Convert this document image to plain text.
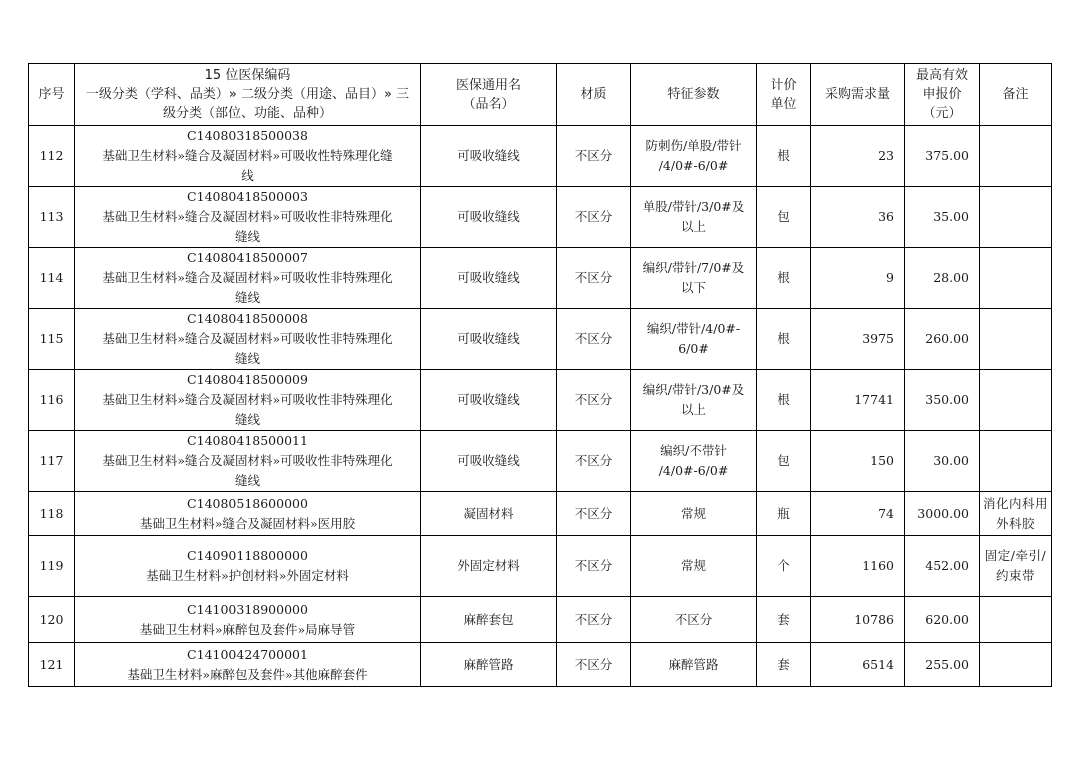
序号	15 位医保编码
一级分类（学科、品类）» 二级分类（用途、品目）» 三
级分类（部位、功能、品种）	医保通用名
（品名）	材质	特征参数	计价
单位	采购需求量	最高有效
申报价
（元）	备注

112	C14080318500038
基础卫生材料»缝合及凝固材料»可吸收性特殊理化缝
线	可吸收缝线	不区分	防刺伤/单股/带针
/4/0#-6/0#	根	23	375.00	

113	C14080418500003
基础卫生材料»缝合及凝固材料»可吸收性非特殊理化
缝线	可吸收缝线	不区分	单股/带针/3/0#及
以上	包	36	35.00	

114	C14080418500007
基础卫生材料»缝合及凝固材料»可吸收性非特殊理化
缝线	可吸收缝线	不区分	编织/带针/7/0#及
以下	根	9	28.00	

115	C14080418500008
基础卫生材料»缝合及凝固材料»可吸收性非特殊理化
缝线	可吸收缝线	不区分	编织/带针/4/0#-
6/0#	根	3975	260.00	

116	C14080418500009
基础卫生材料»缝合及凝固材料»可吸收性非特殊理化
缝线	可吸收缝线	不区分	编织/带针/3/0#及
以上	根	17741	350.00	

117	C14080418500011
基础卫生材料»缝合及凝固材料»可吸收性非特殊理化
缝线	可吸收缝线	不区分	编织/不带针
/4/0#-6/0#	包	150	30.00	

118	C14080518600000
基础卫生材料»缝合及凝固材料»医用胶	凝固材料	不区分	常规	瓶	74	3000.00	消化内科用外科胶

119	C14090118800000
基础卫生材料»护创材料»外固定材料	外固定材料	不区分	常规	个	1160	452.00	固定/牵引/约束带

120	C14100318900000
基础卫生材料»麻醉包及套件»局麻导管	麻醉套包	不区分	不区分	套	10786	620.00	

121	C14100424700001
基础卫生材料»麻醉包及套件»其他麻醉套件	麻醉管路	不区分	麻醉管路	套	6514	255.00	
